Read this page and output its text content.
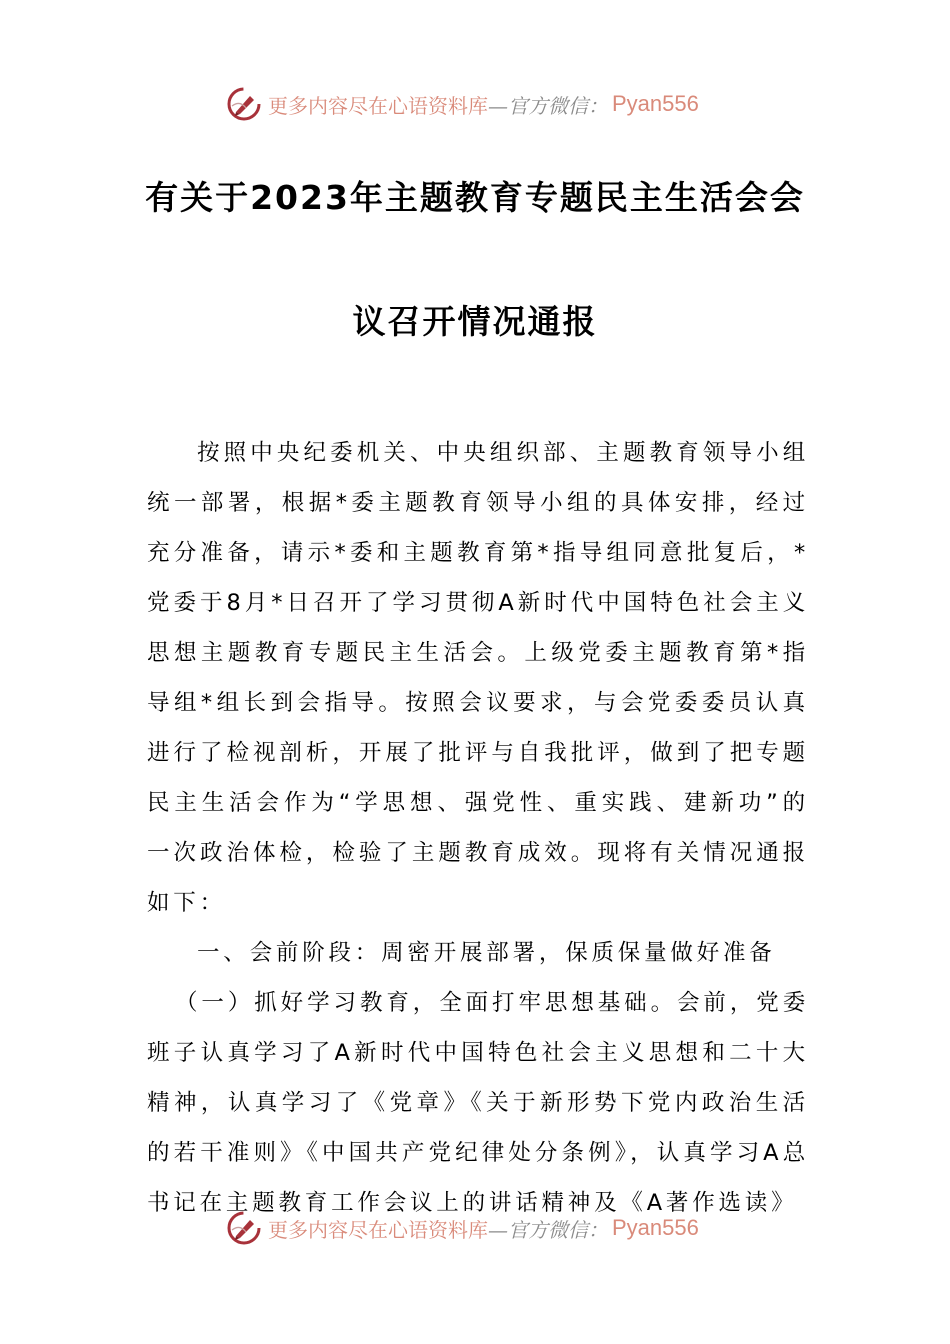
更多内容尽在心语资料库 —官方微信： Pyan556
有关于2023年主题教育专题民主生活会会
议召开情况通报

按照中央纪委机关、中央组织部、主题教育领导小组统一部署，根据*委主题教育领导小组的具体安排，经过充分准备，请示*委和主题教育第*指导组同意批复后，*党委于8月*日召开了学习贯彻A新时代中国特色社会主义思想主题教育专题民主生活会。上级党委主题教育第*指导组*组长到会指导。按照会议要求，与会党委委员认真进行了检视剖析，开展了批评与自我批评，做到了把专题民主生活会作为“学思想、强党性、重实践、建新功”的一次政治体检，检验了主题教育成效。现将有关情况通报如下：

一、会前阶段：周密开展部署，保质保量做好准备

（一）抓好学习教育，全面打牢思想基础。会前，党委班子认真学习了A新时代中国特色社会主义思想和二十大精神，认真学习了《党章》《关于新形势下党内政治生活的若干准则》《中国共产党纪律处分条例》，认真学习A总书记在主题教育工作会议上的讲话精神及《A著作选读》

更多内容尽在心语资料库 —官方微信： Pyan556
